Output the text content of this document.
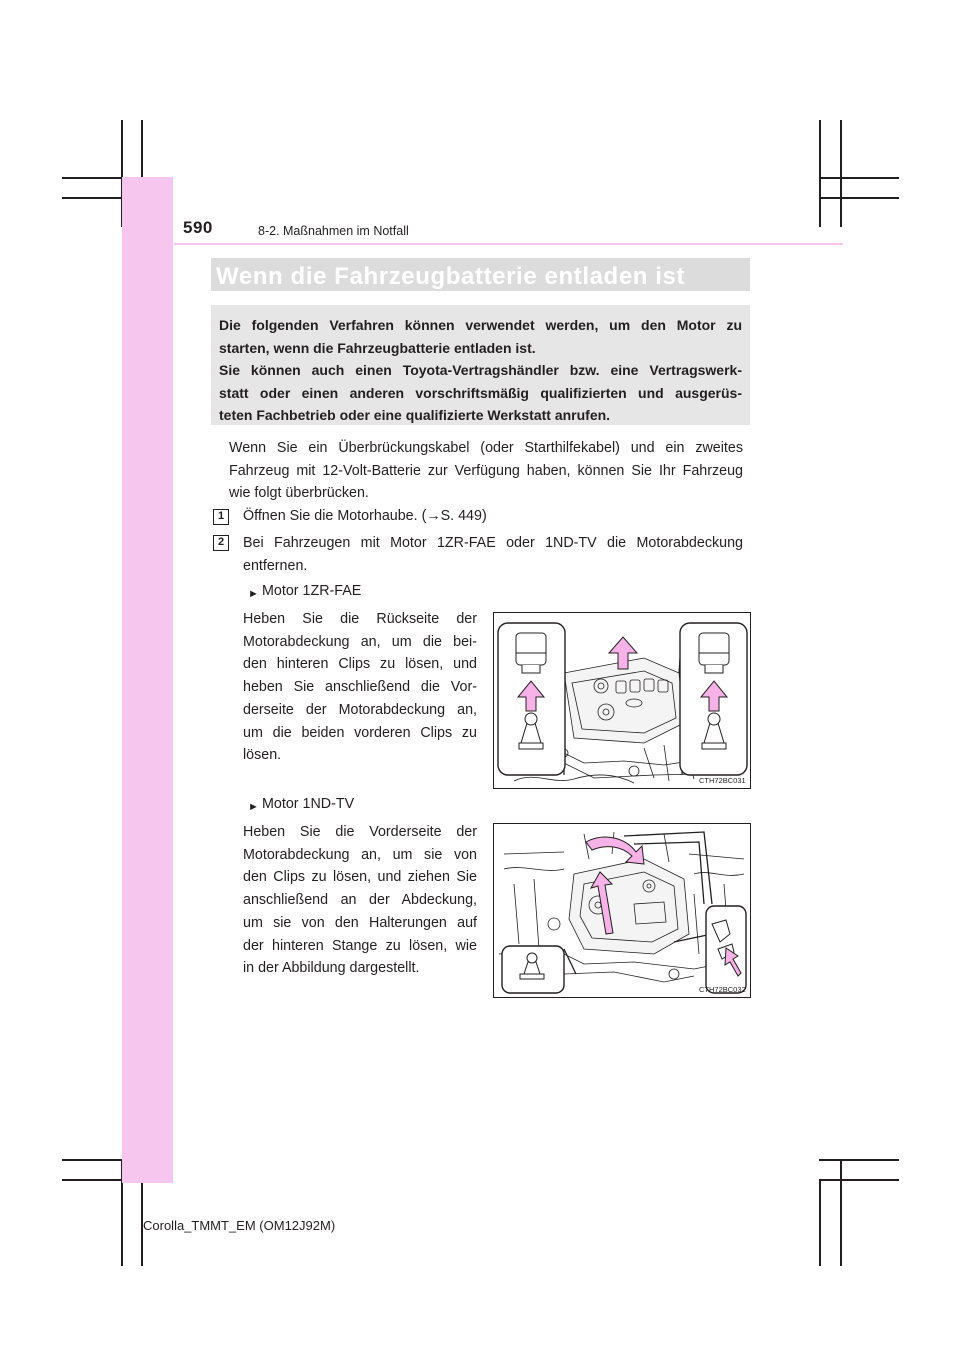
590	8-2. Maßnahmen im Notfall
Wenn die Fahrzeugbatterie entladen ist
Die folgenden Verfahren können verwendet werden, um den Motor zu
starten, wenn die Fahrzeugbatterie entladen ist.
Sie können auch einen Toyota-Vertragshändler bzw. eine Vertragswerk-
statt oder einen anderen vorschriftsmäßig qualifizierten und ausgerüs-
teten Fachbetrieb oder eine qualifizierte Werkstatt anrufen.
Wenn Sie ein Überbrückungskabel (oder Starthilfekabel) und ein zweites
Fahrzeug mit 12-Volt-Batterie zur Verfügung haben, können Sie Ihr Fahrzeug
wie folgt überbrücken.
1	Öffnen Sie die Motorhaube. (→S. 449)
2	Bei Fahrzeugen mit Motor 1ZR-FAE oder 1ND-TV die Motorabdeckung
entfernen.
► Motor 1ZR-FAE
Heben Sie die Rückseite der
Motorabdeckung an, um die bei-
den hinteren Clips zu lösen, und
heben Sie anschließend die Vor-
derseite der Motorabdeckung an,
um die beiden vorderen Clips zu
lösen.
CTH72BC031
► Motor 1ND-TV
Heben Sie die Vorderseite der
Motorabdeckung an, um sie von
den Clips zu lösen, und ziehen Sie
anschließend an der Abdeckung,
um sie von den Halterungen auf
der hinteren Stange zu lösen, wie
in der Abbildung dargestellt.
CTH72BC032
Corolla_TMMT_EM (OM12J92M)
